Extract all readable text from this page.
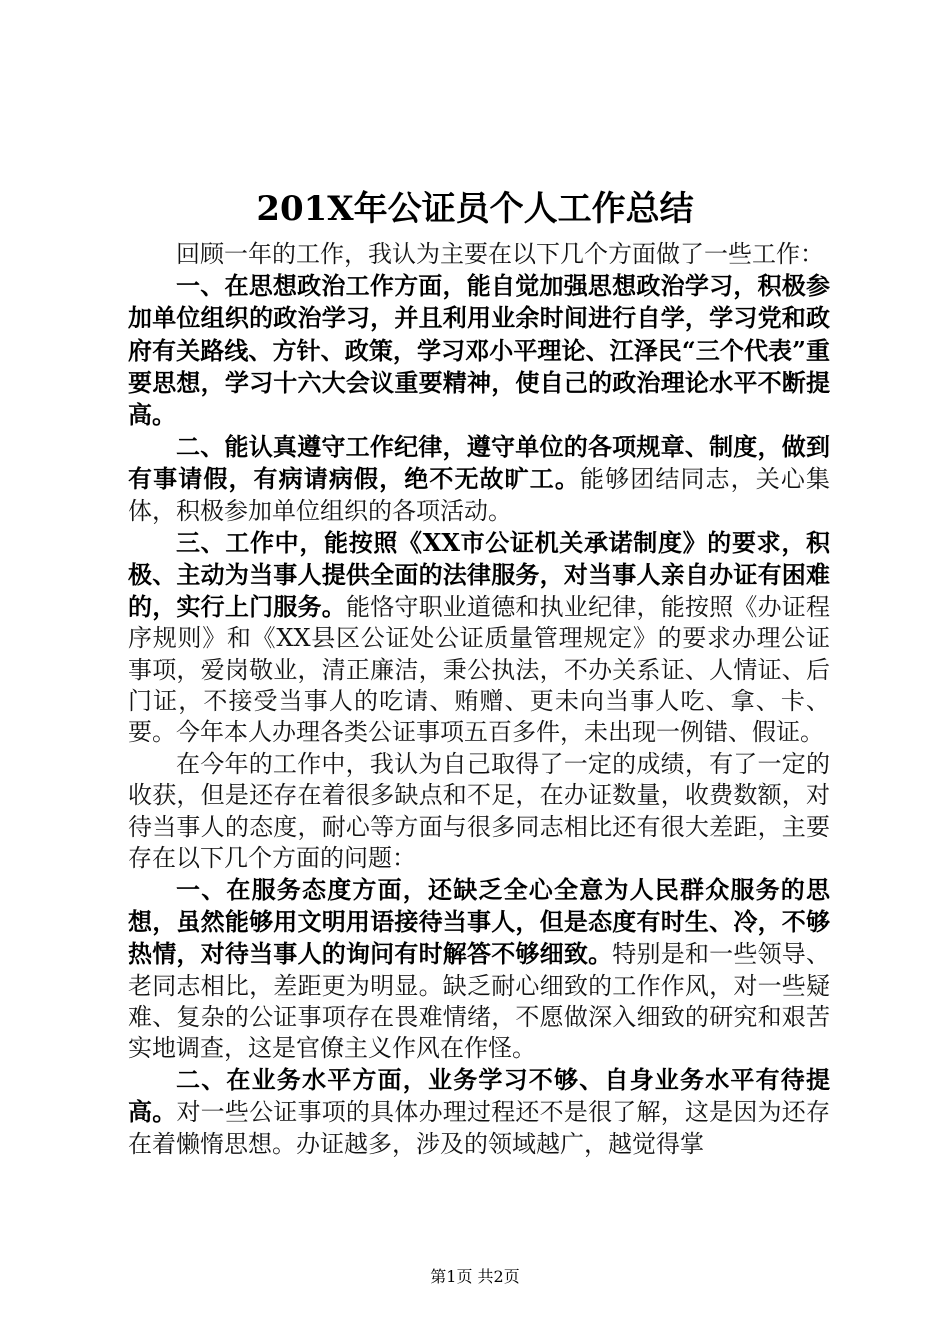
201X年公证员个人工作总结

回顾一年的工作，我认为主要在以下几个方面做了一些工作：

一、在思想政治工作方面，能自觉加强思想政治学习，积极参加单位组织的政治学习，并且利用业余时间进行自学，学习党和政府有关路线、方针、政策，学习邓小平理论、江泽民“三个代表”重要思想，学习十六大会议重要精神，使自己的政治理论水平不断提高。

二、能认真遵守工作纪律，遵守单位的各项规章、制度，做到有事请假，有病请病假，绝不无故旷工。能够团结同志，关心集体，积极参加单位组织的各项活动。

三、工作中，能按照《XX市公证机关承诺制度》的要求，积极、主动为当事人提供全面的法律服务，对当事人亲自办证有困难的，实行上门服务。能恪守职业道德和执业纪律，能按照《办证程序规则》和《XX县区公证处公证质量管理规定》的要求办理公证事项，爱岗敬业，清正廉洁，秉公执法，不办关系证、人情证、后门证，不接受当事人的吃请、贿赠、更未向当事人吃、拿、卡、要。今年本人办理各类公证事项五百多件，未出现一例错、假证。

在今年的工作中，我认为自己取得了一定的成绩，有了一定的收获，但是还存在着很多缺点和不足，在办证数量，收费数额，对待当事人的态度，耐心等方面与很多同志相比还有很大差距，主要存在以下几个方面的问题：

一、在服务态度方面，还缺乏全心全意为人民群众服务的思想，虽然能够用文明用语接待当事人，但是态度有时生、冷，不够热情，对待当事人的询问有时解答不够细致。特别是和一些领导、老同志相比，差距更为明显。缺乏耐心细致的工作作风，对一些疑难、复杂的公证事项存在畏难情绪，不愿做深入细致的研究和艰苦实地调查，这是官僚主义作风在作怪。

二、在业务水平方面，业务学习不够、自身业务水平有待提高。对一些公证事项的具体办理过程还不是很了解，这是因为还存在着懒惰思想。办证越多，涉及的领域越广，越觉得掌

第1页 共2页
